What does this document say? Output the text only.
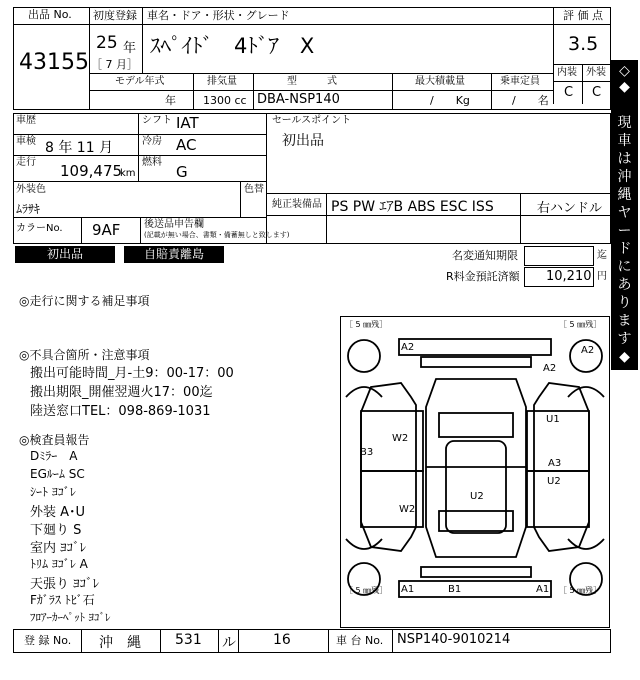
出品 No.
43155
初度登録 車名・ドア・形状・グレード
25 年
［ 7 月］
ｽﾍﾟｲﾄﾞ　4ﾄﾞｱ　X
評 価 点
3.5
内装 外装
C C
モデル年式	排気量	型　　　式	最大積載量	乗車定員
年 1300 cc DBA-NSP140	/　　Kg	/　　名
車歴	シフト IAT
車検 8 年 11 月	冷房 AC
走行 109,475
km
燃料
G
外装色
ﾑﾗｻｷ
色替
カラーNo. 9AF 後送品申告欄
(記載が無い場合、書類・備蓄無しと致します)
セールスポイント
初出品
純正装備品 PS PW ｴｱB ABS ESC ISS	右ハンドル
初出品	自賠責離島	名変通知期限	迄
R料金預託済額 10,210 円
◎走行に関する補足事項
◎不具合箇所・注意事項
搬出可能時間_月-土9：00-17：00
搬出期限_開催翌週火17：00迄
陸送窓口TEL：098-869-1031
◎検査員報告
Dﾐﾗｰ　A
EGﾙｰﾑ SC
ｼｰﾄ ﾖｺﾞﾚ
外装 A･U
下廻り S
室内 ﾖｺﾞﾚ
ﾄﾘﾑ ﾖｺﾞﾚ A
天張り ﾖｺﾞﾚ
Fｶﾞﾗｽ ﾄﾋﾞ石
ﾌﾛｱｰｶｰﾍﾟｯﾄ ﾖｺﾞﾚ
［ 5 ㎜残］	［ 5 ㎜残］
［ 5 ㎜残］	［ 5 ㎜残］
A2	A2
A2
U1
B3
W2
A3
U2
U2
W2
A1	B1	A1
◇
◆
現
車
は
沖
縄
ヤ
ー
ド
に
あ
り
ま
す
◆
登 録 No. 沖　縄 531 ル	16	車 台 No. NSP140-9010214
